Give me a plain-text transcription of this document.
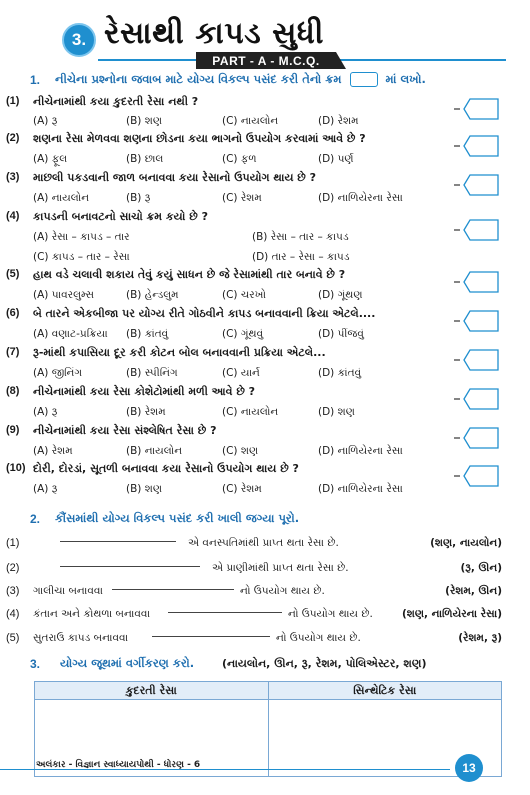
3. રેસાથી કાપડ સુધી
PART - A - M.C.Q.
1. નીચેના પ્રશ્નોના જવાબ માટે યોગ્ય વિકલ્પ પસંદ કરી તેનો ક્રમ	માં લખો.
(1) નીચેનામાંથી કયા કુદરતી રેસા નથી ?
(A) રૂ	(B) શણ	(C) નાયલોન	(D) રેશમ
(2) શણના રેસા મેળવવા શણના છોડના કયા ભાગનો ઉપયોગ કરવામાં આવે છે ?
(A) ફૂલ	(B) છાલ	(C) ફળ	(D) પર્ણ
(3) માછલી પકડવાની જાળ બનાવવા કયા રેસાનો ઉપયોગ થાય છે ?
(A) નાયલોન	(B) રૂ	(C) રેશમ	(D) નાળિયેરના રેસા
(4) કાપડની બનાવટનો સાચો ક્રમ કયો છે ?
(A) રેસા – કાપડ – તાર	(B) રેસા – તાર – કાપડ
(C) કાપડ – તાર – રેસા	(D) તાર – રેસા – કાપડ
(5) હાથ વડે ચલાવી શકાય તેવું કયું સાધન છે જે રેસામાંથી તાર બનાવે છે ?
(A) પાવરલુમ્સ	(B) હેન્ડલુમ	(C) ચરખો	(D) ગૂંથણ
(6) બે તારને એકબીજા પર યોગ્ય રીતે ગોઠવીને કાપડ બનાવવાની ક્રિયા એટલે....
(A) વણાટ-પ્રક્રિયા (B) કાંતવું	(C) ગૂંથવું	(D) પીંજવું
(7) રૂ-માંથી કપાસિયા દૂર કરી કોટન બોલ બનાવવાની પ્રક્રિયા એટલે...
(A) જીનિંગ	(B) સ્પીનિંગ	(C) યાર્ન	(D) કાંતવું
(8) નીચેનામાંથી કયા રેસા કોશેટોમાંથી મળી આવે છે ?
(A) રૂ	(B) રેશમ	(C) નાયલોન	(D) શણ
(9) નીચેનામાંથી કયા રેસા સંશ્લેષિત રેસા છે ?
(A) રેશમ	(B) નાયલોન	(C) શણ	(D) નાળિયેરના રેસા
(10) દોરી, દોરડાં, સૂતળી બનાવવા કયા રેસાનો ઉપયોગ થાય છે ?
(A) રૂ	(B) શણ	(C) રેશમ	(D) નાળિયેરના રેસા
2. કૌંસમાંથી યોગ્ય વિકલ્પ પસંદ કરી ખાલી જગ્યા પૂરો.
(1)	એ વનસ્પતિમાંથી પ્રાપ્ત થતા રેસા છે.	(શણ, નાયલોન)
(2)	એ પ્રાણીમાંથી પ્રાપ્ત થતા રેસા છે.	(રૂ, ઊન)
(3) ગાલીચા બનાવવા	નો ઉપયોગ થાય છે.	(રેશમ, ઊન)
(4) કંતાન અને કોથળા બનાવવા	નો ઉપયોગ થાય છે.	(શણ, નાળિયેરના રેસા)
(5) સુતરાઉ કાપડ બનાવવા	નો ઉપયોગ થાય છે.	(રેશમ, રૂ)
3. યોગ્ય જૂથમાં વર્ગીકરણ કરો.	(નાયલોન, ઊન, રૂ, રેશમ, પોલિએસ્ટર, શણ)
કુદરતી રેસા	સિન્થેટિક રેસા
અલંકાર - વિજ્ઞાન સ્વાધ્યાયપોથી - ધોરણ - 6	13
